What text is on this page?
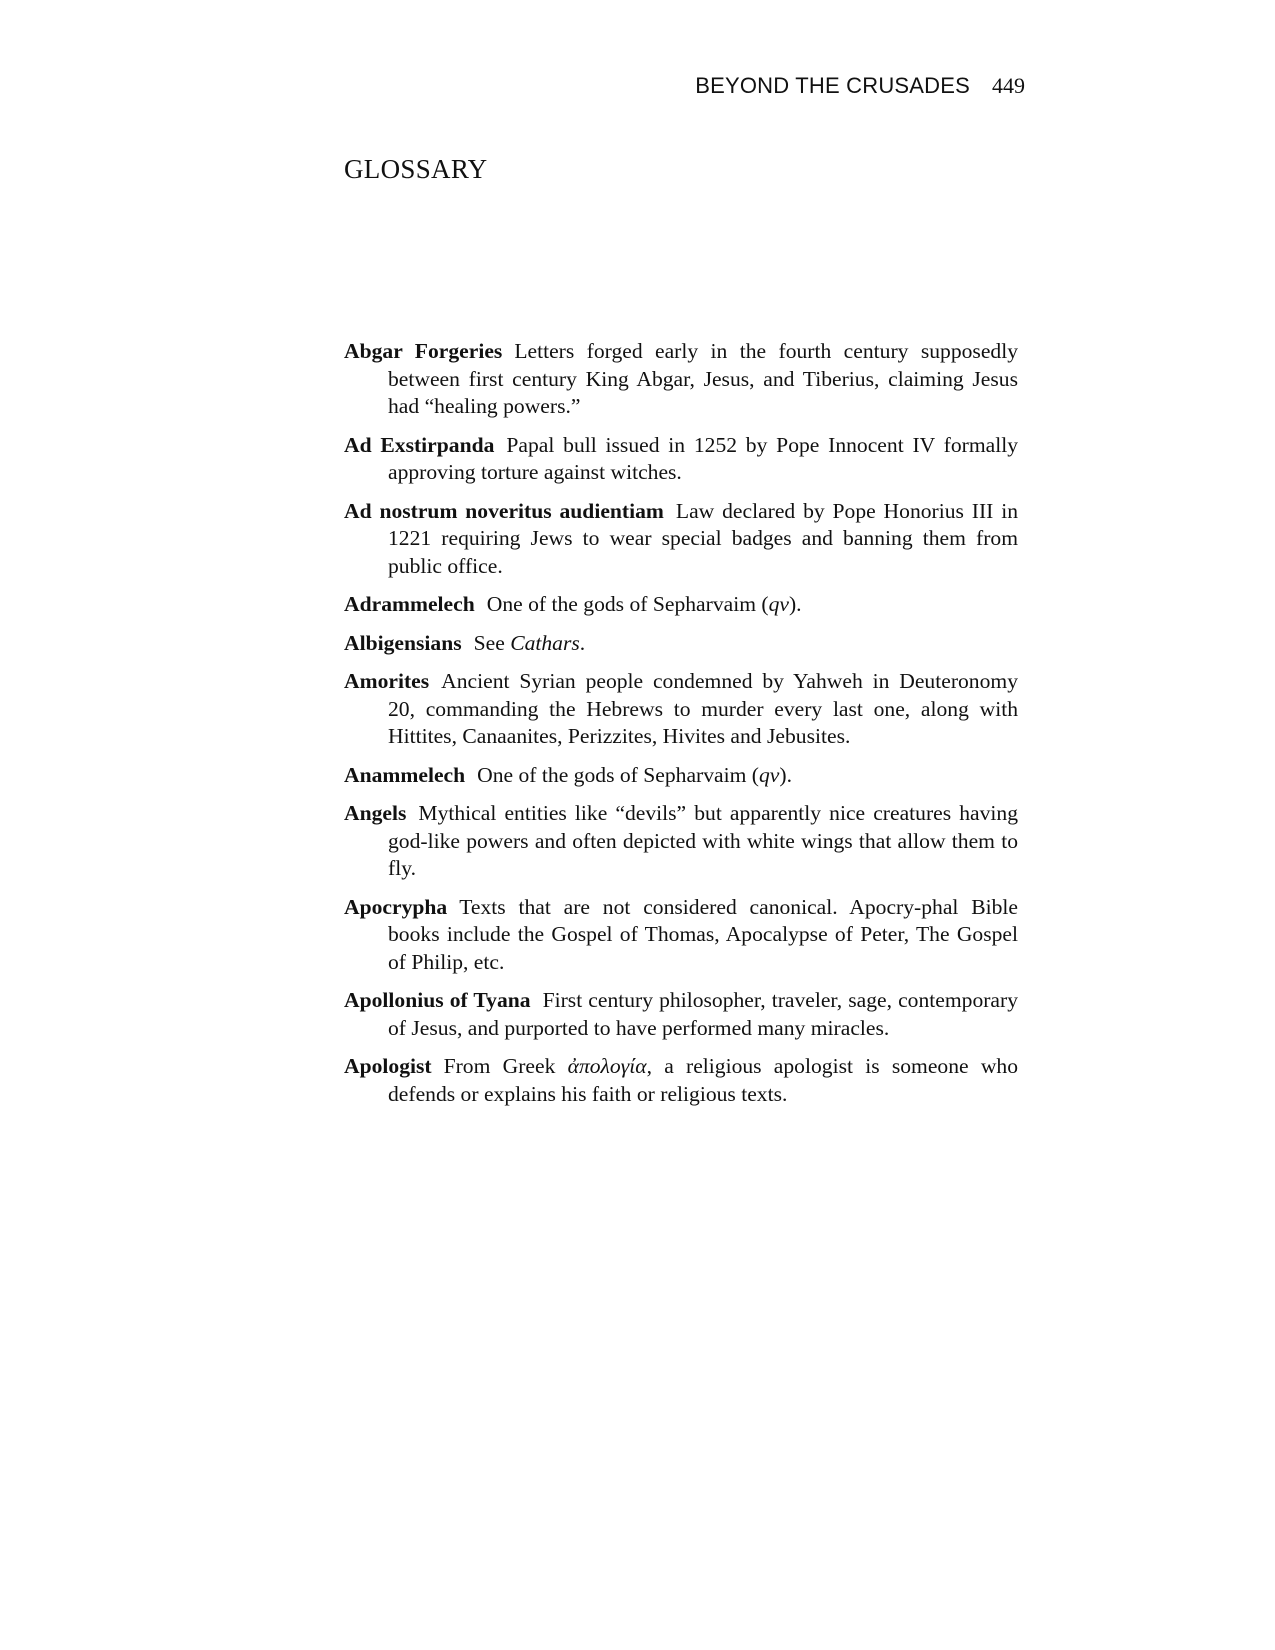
BEYOND THE CRUSADES 449
GLOSSARY

Abgar Forgeries Letters forged early in the fourth century supposedly between first century King Abgar, Jesus, and Tiberius, claiming Jesus had “healing powers.”

Ad Exstirpanda Papal bull issued in 1252 by Pope Innocent IV formally approving torture against witches.

Ad nostrum noveritus audientiam Law declared by Pope Honorius III in 1221 requiring Jews to wear special badges and banning them from public office.

Adrammelech One of the gods of Sepharvaim (qv).

Albigensians See Cathars.

Amorites Ancient Syrian people condemned by Yahweh in Deuteronomy 20, commanding the Hebrews to murder every last one, along with Hittites, Canaanites, Perizzites, Hivites and Jebusites.

Anammelech One of the gods of Sepharvaim (qv).

Angels Mythical entities like “devils” but apparently nice creatures having god-like powers and often depicted with white wings that allow them to fly.

Apocrypha Texts that are not considered canonical. Apocry-phal Bible books include the Gospel of Thomas, Apocalypse of Peter, The Gospel of Philip, etc.

Apollonius of Tyana First century philosopher, traveler, sage, contemporary of Jesus, and purported to have performed many miracles.

Apologist From Greek ἀπολογία, a religious apologist is someone who defends or explains his faith or religious texts.
